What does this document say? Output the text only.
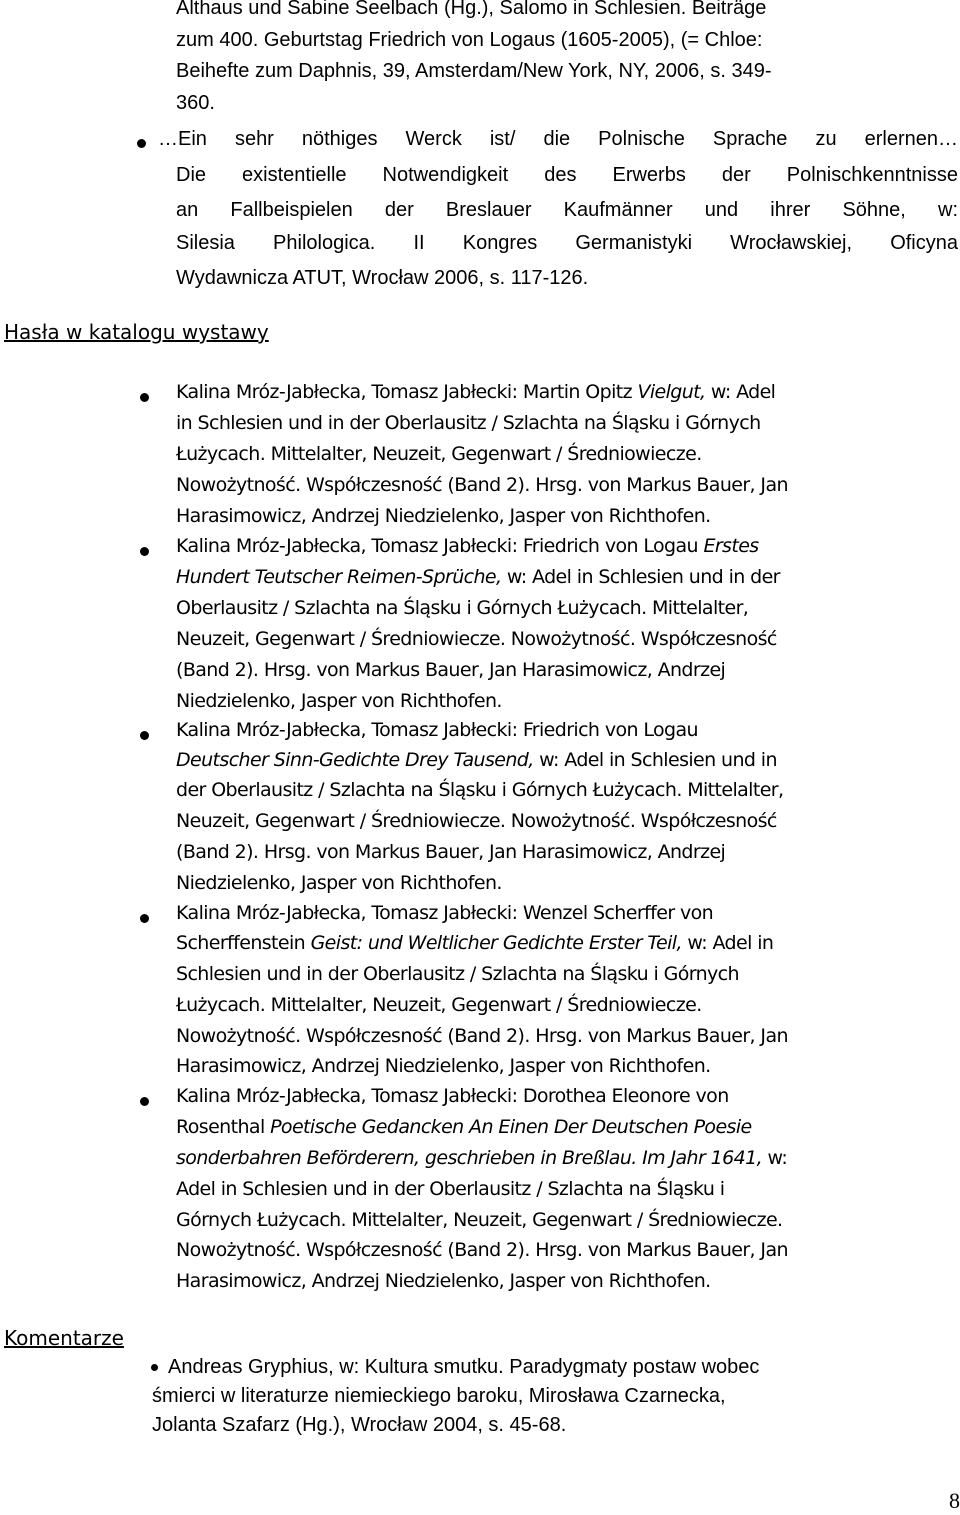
Althaus und Sabine Seelbach (Hg.), Salomo in Schlesien. Beiträge
zum 400. Geburtstag Friedrich von Logaus (1605-2005), (= Chloe:
Beihefte zum Daphnis, 39, Amsterdam/New York, NY, 2006, s. 349-
360.
…Ein sehr nöthiges Werck ist/ die Polnische Sprache zu erlernen…
Die existentielle Notwendigkeit des Erwerbs der Polnischkenntnisse
an Fallbeispielen der Breslauer Kaufmänner und ihrer Söhne, w:
Silesia Philologica. II Kongres Germanistyki Wrocławskiej, Oficyna
Wydawnicza ATUT, Wrocław 2006, s. 117-126.
Hasła w katalogu wystawy
Kalina Mróz-Jabłecka, Tomasz Jabłecki: Martin Opitz Vielgut, w: Adel
in Schlesien und in der Oberlausitz / Szlachta na Śląsku i Górnych
Łużycach. Mittelalter, Neuzeit, Gegenwart / Średniowiecze.
Nowożytność. Współczesność (Band 2). Hrsg. von Markus Bauer, Jan
Harasimowicz, Andrzej Niedzielenko, Jasper von Richthofen.
Kalina Mróz-Jabłecka, Tomasz Jabłecki: Friedrich von Logau Erstes
Hundert Teutscher Reimen-Sprüche, w: Adel in Schlesien und in der
Oberlausitz / Szlachta na Śląsku i Górnych Łużycach. Mittelalter,
Neuzeit, Gegenwart / Średniowiecze. Nowożytność. Współczesność
(Band 2). Hrsg. von Markus Bauer, Jan Harasimowicz, Andrzej
Niedzielenko, Jasper von Richthofen.
Kalina Mróz-Jabłecka, Tomasz Jabłecki: Friedrich von Logau
Deutscher Sinn-Gedichte Drey Tausend, w: Adel in Schlesien und in
der Oberlausitz / Szlachta na Śląsku i Górnych Łużycach. Mittelalter,
Neuzeit, Gegenwart / Średniowiecze. Nowożytność. Współczesność
(Band 2). Hrsg. von Markus Bauer, Jan Harasimowicz, Andrzej
Niedzielenko, Jasper von Richthofen.
Kalina Mróz-Jabłecka, Tomasz Jabłecki: Wenzel Scherffer von
Scherffenstein Geist: und Weltlicher Gedichte Erster Teil, w: Adel in
Schlesien und in der Oberlausitz / Szlachta na Śląsku i Górnych
Łużycach. Mittelalter, Neuzeit, Gegenwart / Średniowiecze.
Nowożytność. Współczesność (Band 2). Hrsg. von Markus Bauer, Jan
Harasimowicz, Andrzej Niedzielenko, Jasper von Richthofen.
Kalina Mróz-Jabłecka, Tomasz Jabłecki: Dorothea Eleonore von
Rosenthal Poetische Gedancken An Einen Der Deutschen Poesie
sonderbahren Beförderern, geschrieben in Breßlau. Im Jahr 1641, w:
Adel in Schlesien und in der Oberlausitz / Szlachta na Śląsku i
Górnych Łużycach. Mittelalter, Neuzeit, Gegenwart / Średniowiecze.
Nowożytność. Współczesność (Band 2). Hrsg. von Markus Bauer, Jan
Harasimowicz, Andrzej Niedzielenko, Jasper von Richthofen.
Komentarze
Andreas Gryphius, w: Kultura smutku. Paradygmaty postaw wobec
śmierci w literaturze niemieckiego baroku, Mirosława Czarnecka,
Jolanta Szafarz (Hg.), Wrocław 2004, s. 45-68.
8
